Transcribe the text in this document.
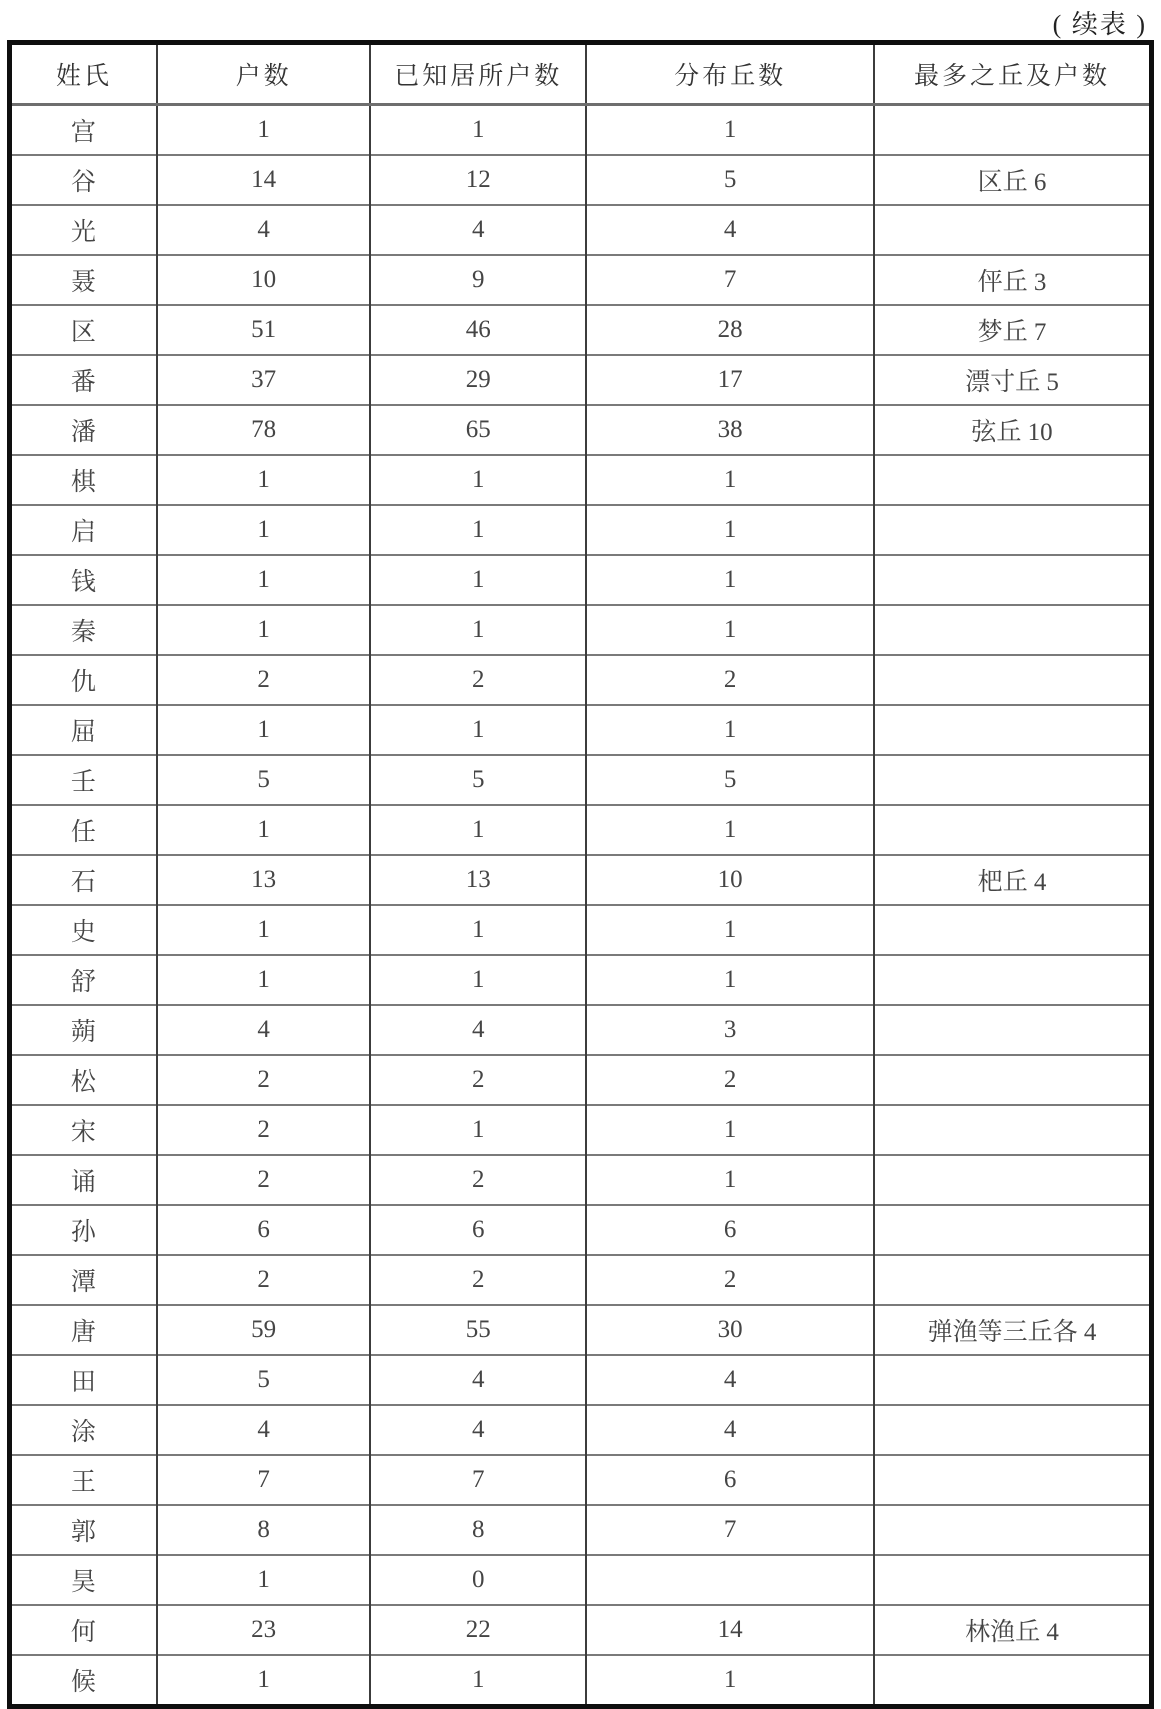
( 续表 )
姓氏	户数	已知居所户数	分布丘数	最多之丘及户数
宫	1	1	1	
谷	14	12	5	区丘 6
光	4	4	4	
聂	10	9	7	伻丘 3
区	51	46	28	梦丘 7
番	37	29	17	漂寸丘 5
潘	78	65	38	弦丘 10
棋	1	1	1	
启	1	1	1	
钱	1	1	1	
秦	1	1	1	
仇	2	2	2	
屈	1	1	1	
壬	5	5	5	
任	1	1	1	
石	13	13	10	杷丘 4
史	1	1	1	
舒	1	1	1	
蒴	4	4	3	
松	2	2	2	
宋	2	1	1	
诵	2	2	1	
孙	6	6	6	
潭	2	2	2	
唐	59	55	30	弹渔等三丘各 4
田	5	4	4	
涂	4	4	4	
王	7	7	6	
郭	8	8	7	
昊	1	0		
何	23	22	14	林渔丘 4
候	1	1	1	
